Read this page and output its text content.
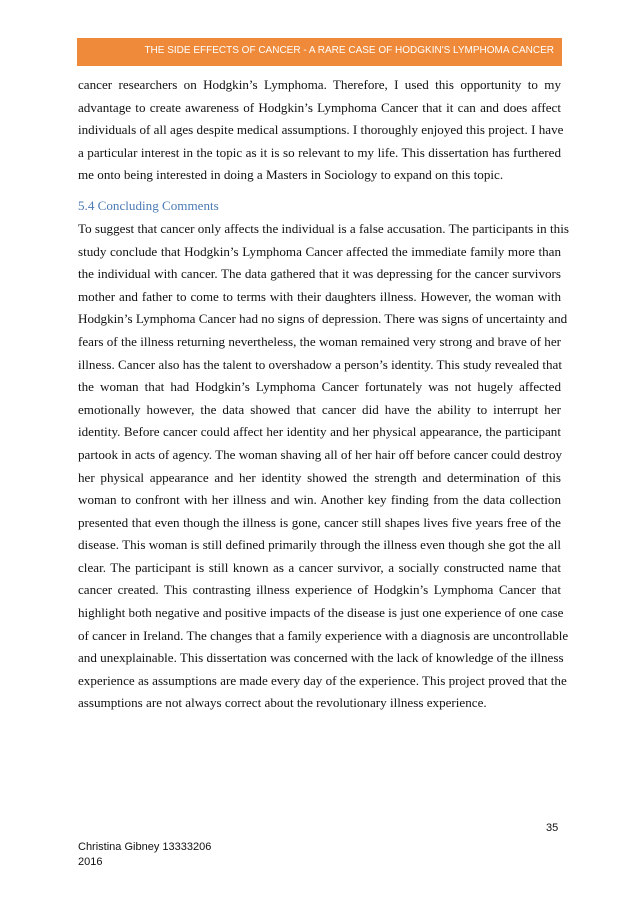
THE SIDE EFFECTS OF CANCER - A RARE CASE OF HODGKIN'S LYMPHOMA CANCER

cancer researchers on Hodgkin’s Lymphoma. Therefore, I used this opportunity to my
advantage to create awareness of Hodgkin’s Lymphoma Cancer that it can and does affect
individuals of all ages despite medical assumptions. I thoroughly enjoyed this project. I have
a particular interest in the topic as it is so relevant to my life. This dissertation has furthered
me onto being interested in doing a Masters in Sociology to expand on this topic.

5.4 Concluding Comments

To suggest that cancer only affects the individual is a false accusation. The participants in this
study conclude that Hodgkin’s Lymphoma Cancer affected the immediate family more than
the individual with cancer. The data gathered that it was depressing for the cancer survivors
mother and father to come to terms with their daughters illness. However, the woman with
Hodgkin’s Lymphoma Cancer had no signs of depression. There was signs of uncertainty and
fears of the illness returning nevertheless, the woman remained very strong and brave of her
illness. Cancer also has the talent to overshadow a person’s identity. This study revealed that
the woman that had Hodgkin’s Lymphoma Cancer fortunately was not hugely affected
emotionally however, the data showed that cancer did have the ability to interrupt her
identity. Before cancer could affect her identity and her physical appearance, the participant
partook in acts of agency. The woman shaving all of her hair off before cancer could destroy
her physical appearance and her identity showed the strength and determination of this
woman to confront with her illness and win. Another key finding from the data collection
presented that even though the illness is gone, cancer still shapes lives five years free of the
disease. This woman is still defined primarily through the illness even though she got the all
clear. The participant is still known as a cancer survivor, a socially constructed name that
cancer created. This contrasting illness experience of Hodgkin’s Lymphoma Cancer that
highlight both negative and positive impacts of the disease is just one experience of one case
of cancer in Ireland. The changes that a family experience with a diagnosis are uncontrollable
and unexplainable. This dissertation was concerned with the lack of knowledge of the illness
experience as assumptions are made every day of the experience. This project proved that the
assumptions are not always correct about the revolutionary illness experience.

35
Christina Gibney 13333206
2016
